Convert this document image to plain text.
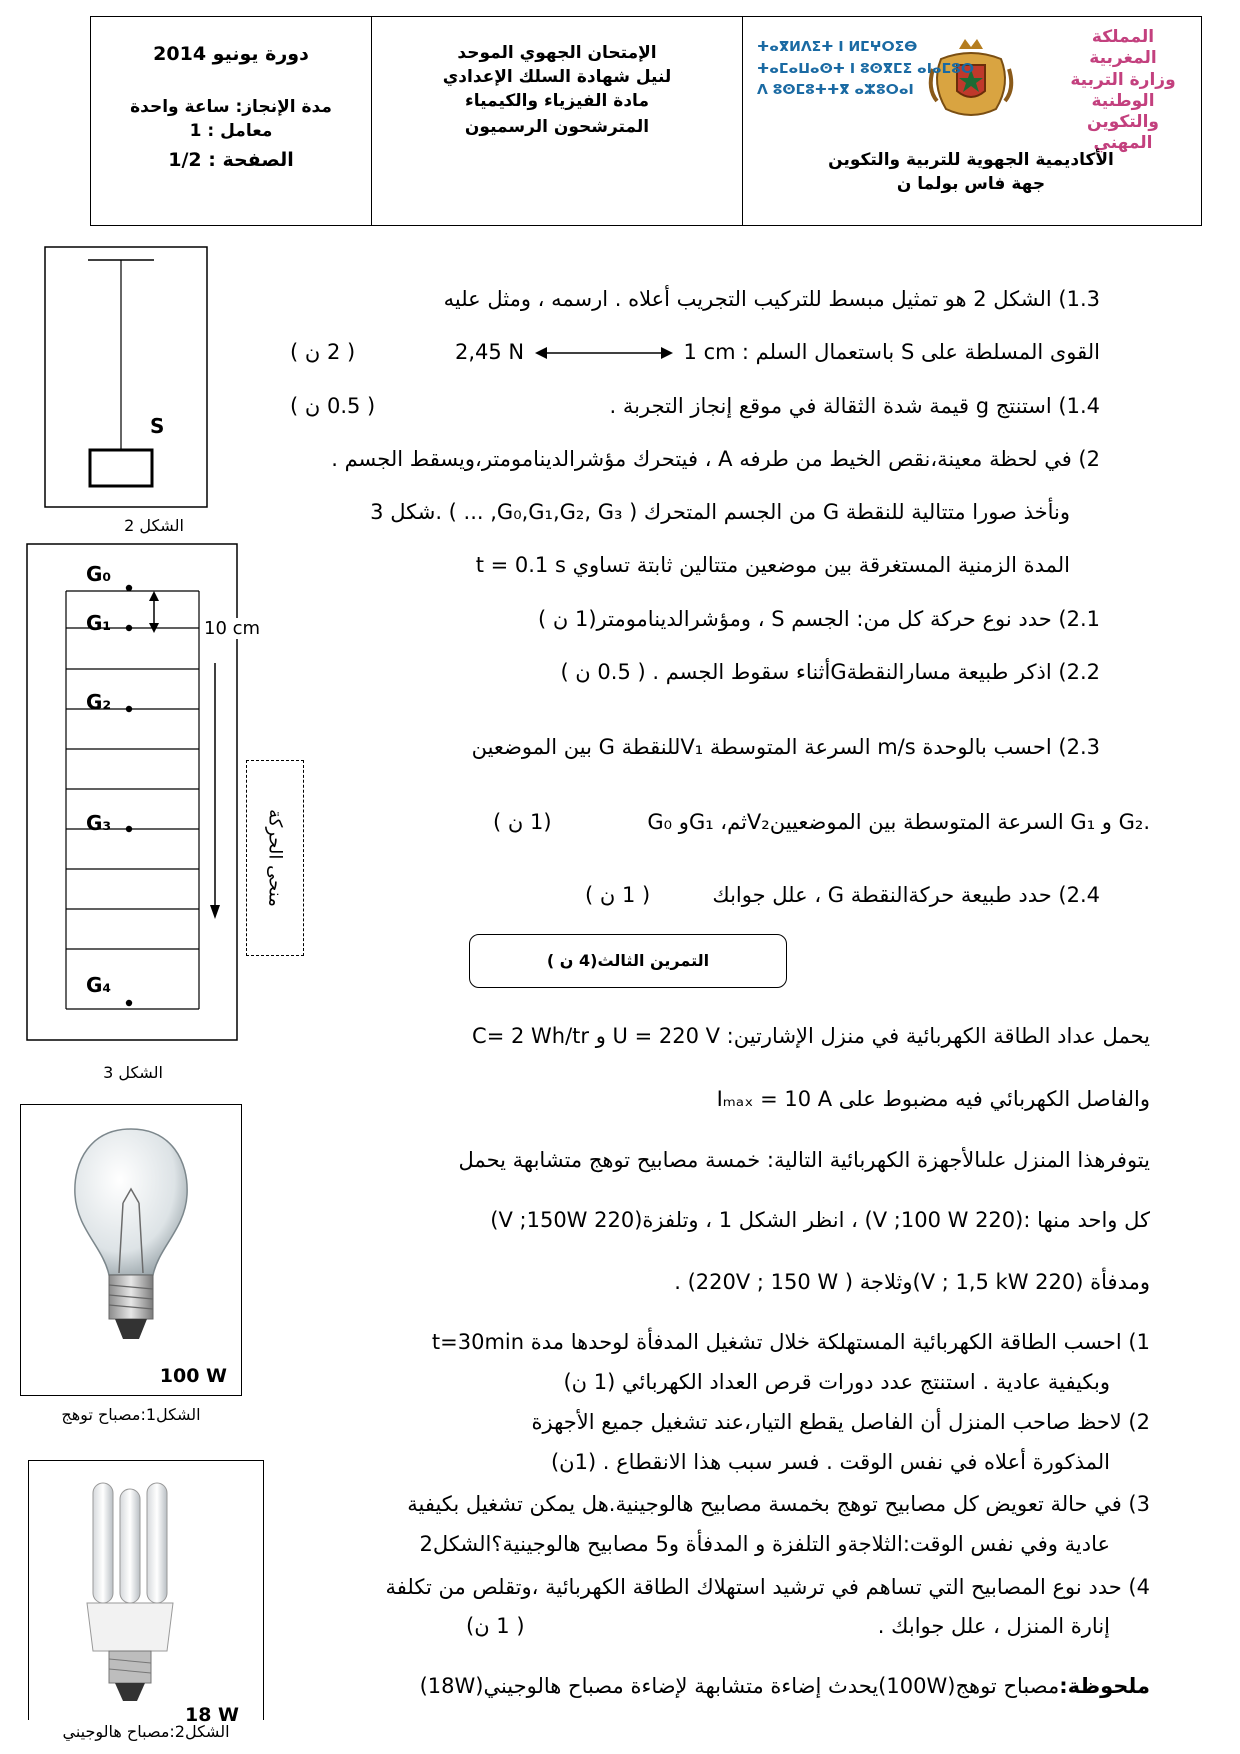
دورة يونيو 2014
مدة الإنجاز: ساعة واحدة
معامل : 1
الصفحة : 1/2
الإمتحان الجهوي الموحد
لنيل شهادة السلك الإعدادي
مادة الفيزياء والكيمياء
المترشحون الرسميون
المملكة المغربية
وزارة التربية الوطنية
والتكوين المهني
ⵜⴰⴳⵍⴷⵉⵜ ⵏ ⵍⵎⵖⵔⵉⴱ
ⵜⴰⵎⴰⵡⴰⵙⵜ ⵏ ⵓⵙⴳⵎⵉ ⴰⵏⴰⵎⵓⵔ
ⴷ ⵓⵙⵎⵓⵜⵜⴳ ⴰⵣⵓⵔⴰⵏ
الأكاديمية الجهوية للتربية والتكوين
جهة فاس بولما ن
S
الشكل 2
G₀
G₁
G₂
G₃
G₄
10 cm
منحى الحركة
الشكل 3
100 W
الشكل1:مصباح توهج
18 W
الشكل2:مصباح هالوجيني
1.3) الشكل 2 هو تمثيل مبسط للتركيب التجريب أعلاه . ارسمه ، ومثل عليه
القوى المسلطة على S باستعمال السلم :
2,45 N	1 cm
( 2 ن )
1.4) استنتج g قيمة شدة الثقالة في موقع إنجاز التجربة .
( 0.5 ن )
2) في لحظة معينة،نقص الخيط من طرفه A ، فيتحرك مؤشرالدينامومتر،ويسقط الجسم .
ونأخذ صورا متتالية للنقطة G من الجسم المتحرك ( G₀,G₁,G₂, G₃, ... ) .شكل 3
المدة الزمنية المستغرقة بين موضعين متتالين ثابتة تساوي t = 0.1 s
2.1) حدد نوع حركة كل من: الجسم S ، ومؤشرالدينامومتر(1 ن )
2.2) اذكر طبيعة مسارالنقطةGأثناء سقوط الجسم . ( 0.5 ن )
2.3) احسب بالوحدة m/s السرعة المتوسطة V₁للنقطة G بين الموضعين
G₀ وG₁ ،ثمV₂السرعة المتوسطة بين الموضعيين G₁ و G₂.
(1 ن )
2.4) حدد طبيعة حركةالنقطة G ، علل جوابك
( 1 ن )
التمرين الثالث(4 ن )
يحمل عداد الطاقة الكهربائية في منزل الإشارتين: U = 220 V و C= 2 Wh/tr
والفاصل الكهربائي فيه مضبوط على Iₘₐₓ = 10 A
يتوفرهذا المنزل علىالأجهزة الكهربائية التالية: خمسة مصابيح توهج متشابهة يحمل
كل واحد منها :(220 V ;100 W) ، انظر الشكل 1 ، وتلفزة(220 V ;150W)
ومدفأة (220 V ; 1,5 kW)وثلاجة ( 220V ; 150 W) .
1) احسب الطاقة الكهربائية المستهلكة خلال تشغيل المدفأة لوحدها مدة t=30min
وبكيفية عادية . استنتج عدد دورات قرص العداد الكهربائي (1 ن)
2) لاحظ صاحب المنزل أن الفاصل يقطع التيار،عند تشغيل جميع الأجهزة
المذكورة أعلاه في نفس الوقت . فسر سبب هذا الانقطاع . (1ن)
3) في حالة تعويض كل مصابيح توهج بخمسة مصابيح هالوجينية.هل يمكن تشغيل بكيفية
عادية وفي نفس الوقت:الثلاجةو التلفزة و المدفأة و5 مصابيح هالوجينية؟الشكل2
4) حدد نوع المصابيح التي تساهم في ترشيد استهلاك الطاقة الكهربائية ،وتقلص من تكلفة
إنارة المنزل ، علل جوابك .
( 1 ن)
ملحوظة:مصباح توهج(100W)يحدث إضاءة متشابهة لإضاءة مصباح هالوجيني(18W)
